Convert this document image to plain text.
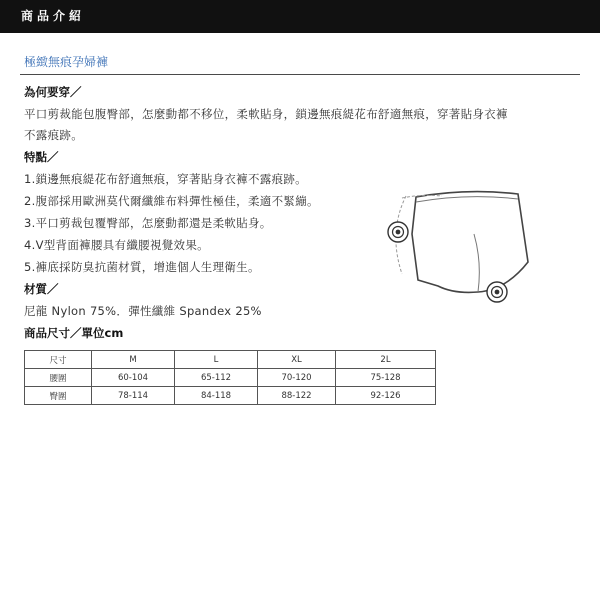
商品介紹
極緻無痕孕婦褲
為何要穿／
平口剪裁能包腹臀部，怎麼動都不移位，柔軟貼身，鎖邊無痕緹花布舒適無痕，穿著貼身衣褲
不露痕跡。
特點／
1.鎖邊無痕緹花布舒適無痕，穿著貼身衣褲不露痕跡。
2.腹部採用歐洲莫代爾纖維布料彈性極佳，柔適不緊繃。
3.平口剪裁包覆臀部，怎麼動都還是柔軟貼身。
4.V型背面褲腰具有纖腰視覺效果。
5.褲底採防臭抗菌材質，增進個人生理衛生。
材質／
尼龍 Nylon 75%．彈性纖維 Spandex 25%
商品尺寸／單位cm
尺寸	M	L	XL	2L
腰圍	60-104	65-112	70-120	75-128
臀圍	78-114	84-118	88-122	92-126
